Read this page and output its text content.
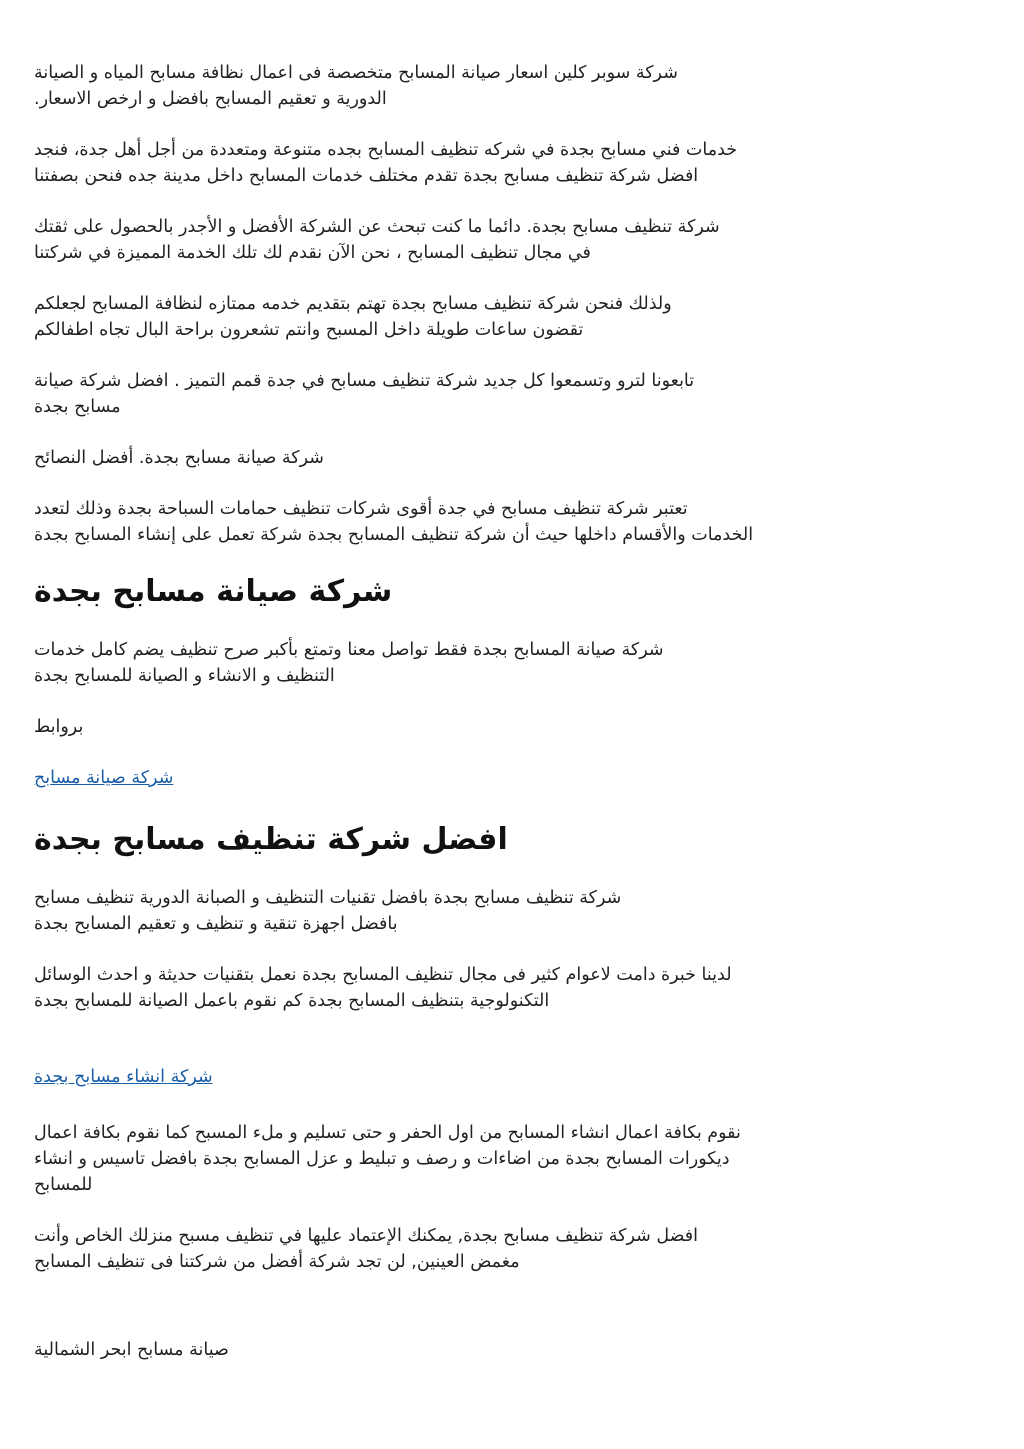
شركة سوبر كلين اسعار صيانة المسابح متخصصة فى اعمال نظافة مسابح المياه و الصيانة
الدورية و تعقيم المسابح بافضل و ارخص الاسعار.
خدمات فني مسابح بجدة في شركه تنظيف المسابح بجده متنوعة ومتعددة من أجل أهل جدة، فنجد
افضل شركة تنظيف مسابح بجدة تقدم مختلف خدمات المسابح داخل مدينة جده فنحن بصفتنا
شركة تنظيف مسابح بجدة. دائما ما كنت تبحث عن الشركة الأفضل و الأجدر بالحصول على ثقتك
في مجال تنظيف المسابح ، نحن الآن نقدم لك تلك الخدمة المميزة في شركتنا
ولذلك فنحن شركة تنظيف مسابح بجدة تهتم بتقديم خدمه ممتازه لنظافة المسابح لجعلكم
تقضون ساعات طويلة داخل المسبح وانتم تشعرون براحة البال تجاه اطفالكم
تابعونا لترو وتسمعوا كل جديد شركة تنظيف مسابح في جدة قمم التميز . افضل شركة صيانة
مسابح بجدة
شركة صيانة مسابح بجدة. أفضل النصائح
تعتبر شركة تنظيف مسابح في جدة أقوى شركات تنظيف حمامات السباحة بجدة وذلك لتعدد
الخدمات والأقسام داخلها حيث أن شركة تنظيف المسابح بجدة شركة تعمل على إنشاء المسابح بجدة
شركة صيانة مسابح بجدة
شركة صيانة المسابح بجدة فقط تواصل معنا وتمتع بأكبر صرح تنظيف يضم كامل خدمات
التنظيف و الانشاء و الصيانة للمسابح بجدة
بروابط
شركة صيانة مسابح
افضل شركة تنظيف مسابح بجدة
شركة تنظيف مسابح بجدة بافضل تقنيات التنظيف و الصبانة الدورية تنظيف مسابح
بافضل اجهزة تنقية و تنظيف و تعقيم المسابح بجدة
لدينا خبرة دامت لاعوام كثير فى مجال تنظيف المسابح بجدة نعمل بتقنيات حديثة و احدث الوسائل
التكنولوجية بتنظيف المسابح بجدة كم نقوم باعمل الصيانة للمسابح بجدة
شركة انشاء مسابح بجدة
نقوم بكافة اعمال انشاء المسابح من اول الحفر و حتى تسليم و ملء المسبح كما نقوم بكافة اعمال
ديكورات المسابح بجدة من اضاءات و رصف و تبليط و عزل المسابح بجدة بافضل تاسيس و انشاء
للمسابح
افضل شركة تنظيف مسابح بجدة, يمكنك الإعتماد عليها في تنظيف مسبح منزلك الخاص وأنت
مغمض العينين, لن تجد شركة أفضل من شركتنا فى تنظيف المسابح
صيانة مسابح ابحر الشمالية
